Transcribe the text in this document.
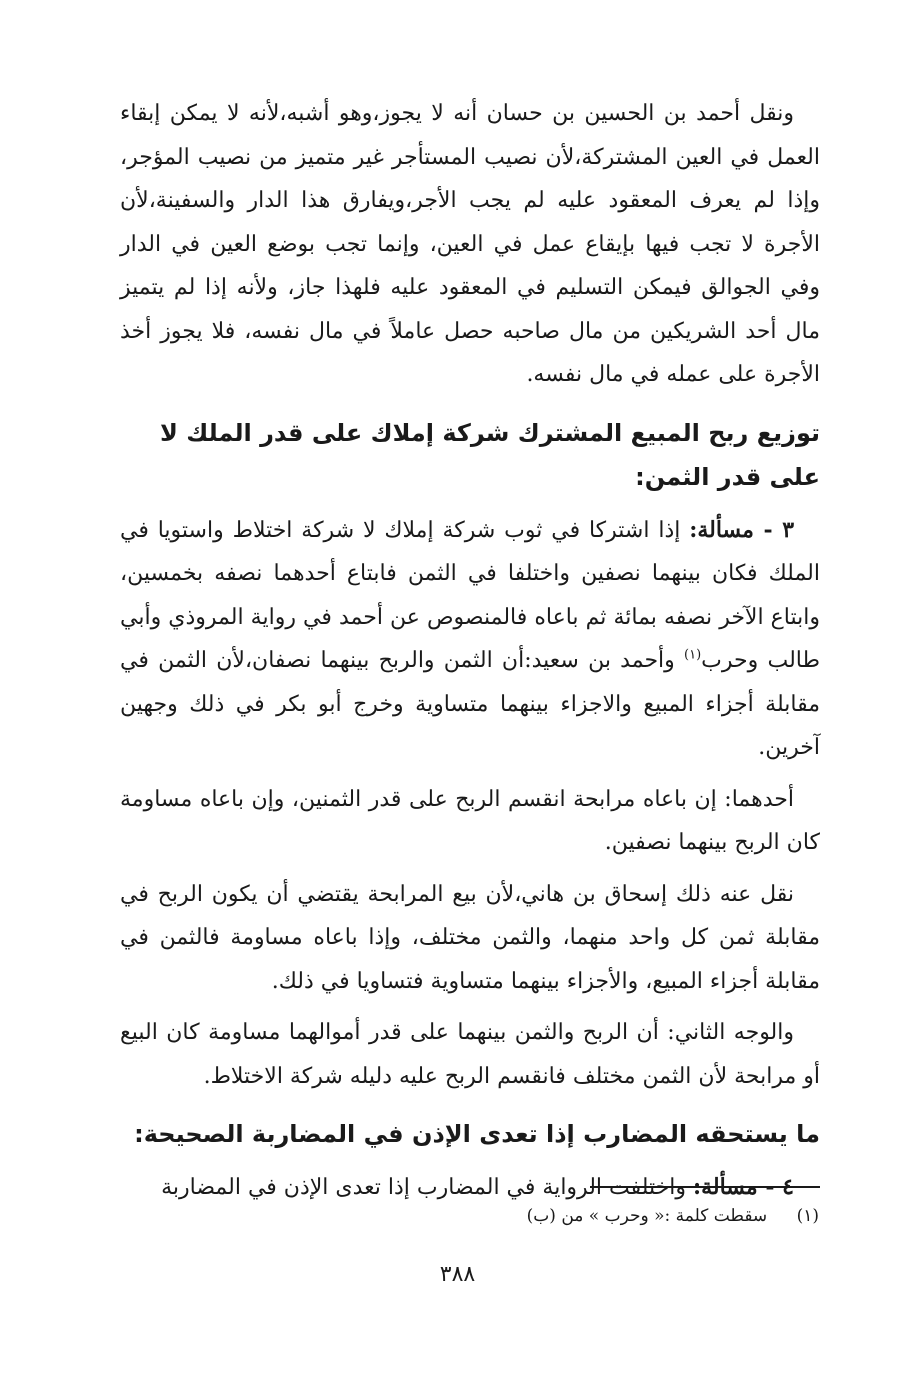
ونقل أحمد بن الحسين بن حسان أنه لا يجوز،وهو أشبه،لأنه لا يمكن إبقاء العمل في العين المشتركة،لأن نصيب المستأجر غير متميز من نصيب المؤجر، وإذا لم يعرف المعقود عليه لم يجب الأجر،ويفارق هذا الدار والسفينة،لأن الأجرة لا تجب فيها بإيقاع عمل في العين، وإنما تجب بوضع العين في الدار وفي الجوالق فيمكن التسليم في المعقود عليه فلهذا جاز، ولأنه إذا لم يتميز مال أحد الشريكين من مال صاحبه حصل عاملاً في مال نفسه، فلا يجوز أخذ الأجرة على عمله في مال نفسه.

توزيع ربح المبيع المشترك شركة إملاك على قدر الملك لا على قدر الثمن:

٣ - مسألة: إذا اشتركا في ثوب شركة إملاك لا شركة اختلاط واستويا في الملك فكان بينهما نصفين واختلفا في الثمن فابتاع أحدهما نصفه بخمسين، وابتاع الآخر نصفه بمائة ثم باعاه فالمنصوص عن أحمد في رواية المروذي وأبي طالب وحرب$^{(١)}$ وأحمد بن سعيد:أن الثمن والربح بينهما نصفان،لأن الثمن في مقابلة أجزاء المبيع والاجزاء بينهما متساوية وخرج أبو بكر في ذلك وجهين آخرين.

أحدهما: إن باعاه مرابحة انقسم الربح على قدر الثمنين، وإن باعاه مساومة كان الربح بينهما نصفين.

نقل عنه ذلك إسحاق بن هاني،لأن بيع المرابحة يقتضي أن يكون الربح في مقابلة ثمن كل واحد منهما، والثمن مختلف، وإذا باعاه مساومة فالثمن في مقابلة أجزاء المبيع، والأجزاء بينهما متساوية فتساويا في ذلك.

والوجه الثاني: أن الربح والثمن بينهما على قدر أموالهما مساومة كان البيع أو مرابحة لأن الثمن مختلف فانقسم الربح عليه دليله شركة الاختلاط.

ما يستحقه المضارب إذا تعدى الإذن في المضاربة الصحيحة:

٤ - مسألة: واختلفت الرواية في المضارب إذا تعدى الإذن في المضاربة

(١) سقطت كلمة :« وحرب » من (ب)
٣٨٨
